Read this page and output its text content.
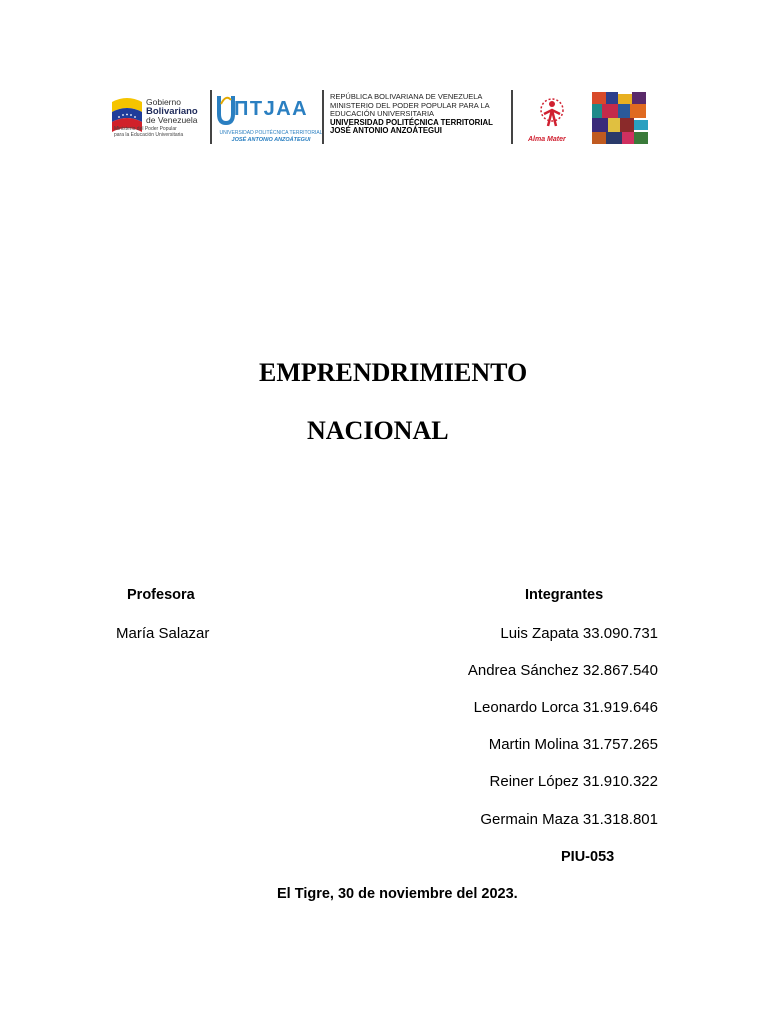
Gobierno
Bolivariano
de Venezuela
Ministerio del Poder Popular
para la Educación Universitaria
ПTJAA
UNIVERSIDAD POLITÉCNICA TERRITORIAL
JOSÉ ANTONIO ANZOÁTEGUI
REPÚBLICA BOLIVARIANA DE VENEZUELA
MINISTERIO DEL PODER POPULAR PARA LA
EDUCACIÓN UNIVERSITARIA
UNIVERSIDAD POLITÉCNICA TERRITORIAL
JOSÉ ANTONIO ANZOÁTEGUI
Alma Mater
EMPRENDRIMIENTO
NACIONAL
Profesora
María Salazar
Integrantes
Luis Zapata 33.090.731
Andrea Sánchez 32.867.540
Leonardo Lorca 31.919.646
Martin Molina 31.757.265
Reiner López 31.910.322
Germain Maza 31.318.801
PIU-053
El Tigre, 30 de noviembre del 2023.
